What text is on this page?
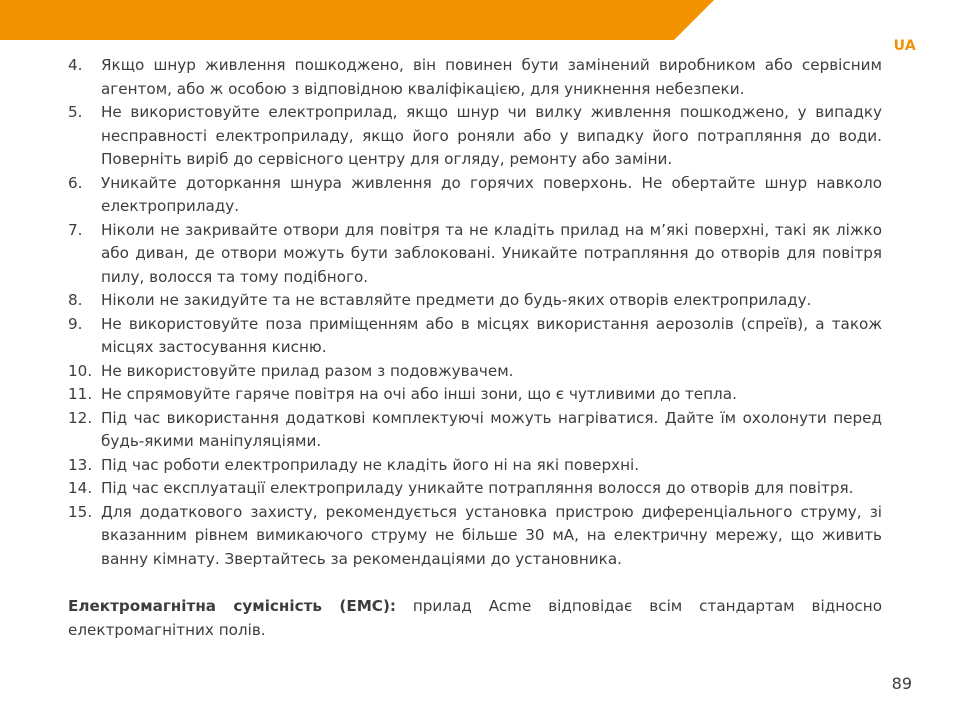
UA
4. Якщо шнур живлення пошкоджено, він повинен бути замінений виробником або сервісним агентом, або ж особою з відповідною кваліфікацією, для уникнення небезпеки.
5. Не використовуйте електроприлад, якщо шнур чи вилку живлення пошкоджено, у випадку несправності електроприладу, якщо його роняли або у випадку його потрапляння до води. Поверніть виріб до сервісного центру для огляду, ремонту або заміни.
6. Уникайте доторкання шнура живлення до горячих поверхонь. Не обертайте шнур навколо електроприладу.
7. Ніколи не закривайте отвори для повітря та не кладіть прилад на м’які поверхні, такі як ліжко або диван, де отвори можуть бути заблоковані. Уникайте потрапляння до отворів для повітря пилу, волосся та тому подібного.
8. Ніколи не закидуйте та не вставляйте предмети до будь-яких отворів електроприладу.
9. Не використовуйте поза приміщенням або в місцях використання аерозолів (спреїв), а також місцях застосування кисню.
10. Не використовуйте прилад разом з подовжувачем.
11. Не спрямовуйте гаряче повітря на очі або інші зони, що є чутливими до тепла.
12. Під час використання додаткові комплектуючі можуть нагріватися. Дайте їм охолонути перед будь-якими маніпуляціями.
13. Під час роботи електроприладу не кладіть його ні на які поверхні.
14. Під час експлуатації електроприладу уникайте потрапляння волосся до отворів для повітря.
15. Для додаткового захисту, рекомендується установка пристрою диференціального струму, зі вказанним рівнем вимикаючого струму не більше 30 мА, на електричну мережу, що живить ванну кімнату. Звертайтесь за рекомендаціями до установника.

Електромагнітна сумісність (ЕМС): прилад Acme відповідає всім стандартам відносно електромагнітних полів.

89
